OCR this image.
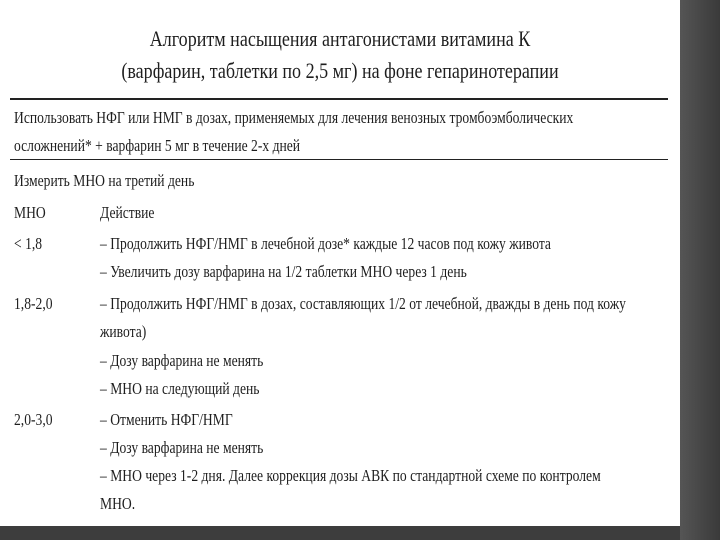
Алгоритм насыщения антагонистами витамина К
(варфарин, таблетки по 2,5 мг) на фоне гепаринотерапии
Использовать НФГ или НМГ в дозах, применяемых для лечения венозных тромбоэмболических
осложнений* + варфарин 5 мг в течение 2-х дней
Измерить МНО на третий день
МНО	Действие
< 1,8	– Продолжить НФГ/НМГ в лечебной дозе* каждые 12 часов под кожу живота
– Увеличить дозу варфарина на 1/2 таблетки МНО через 1 день
1,8-2,0	– Продолжить НФГ/НМГ в дозах, составляющих 1/2 от лечебной, дважды в день под кожу
живота)
– Дозу варфарина не менять
– МНО на следующий день
2,0-3,0	– Отменить НФГ/НМГ
– Дозу варфарина не менять
– МНО через 1-2 дня. Далее коррекция дозы АВК по стандартной схеме по контролем
МНО.
